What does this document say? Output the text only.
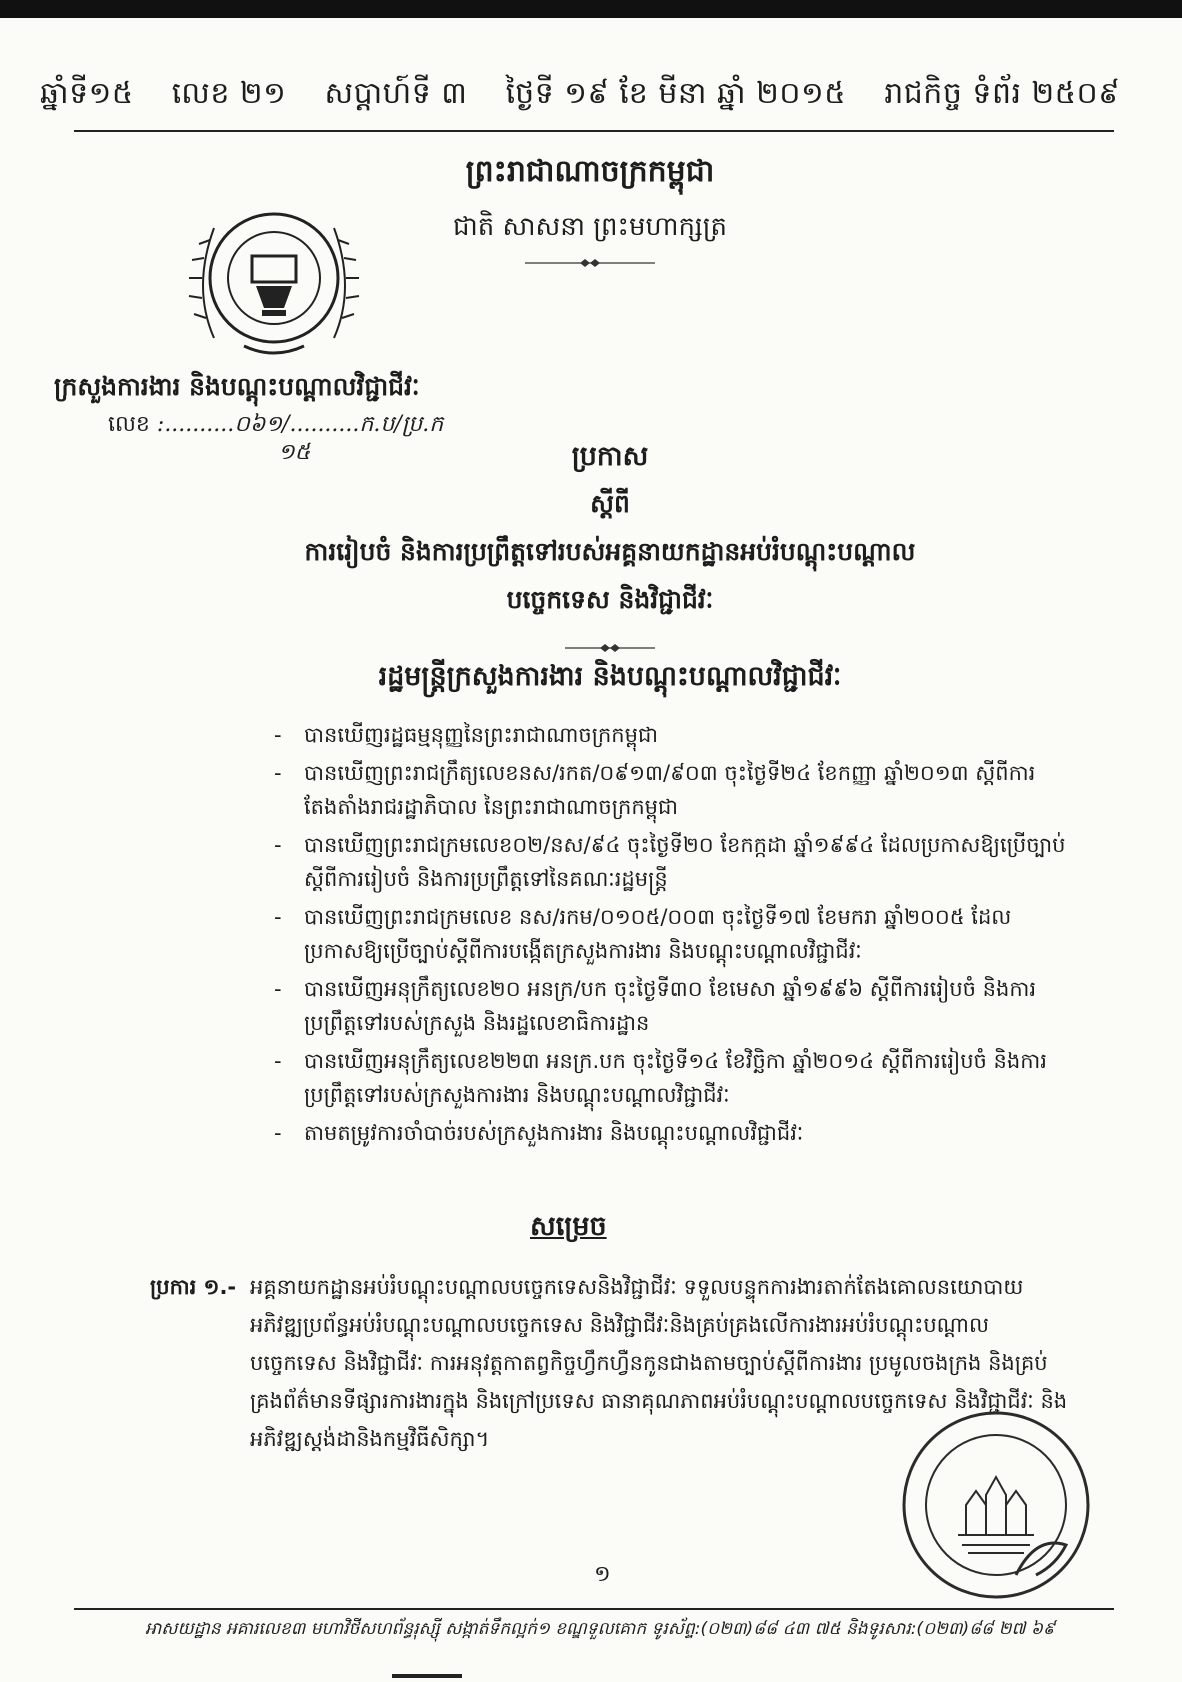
ឆ្នាំទី១៥ លេខ ២១ សប្តាហ៍ទី ៣ ថ្ងៃទី ១៩ ខែ មីនា ឆ្នាំ ២០១៥ រាជកិច្ច ទំព័រ ២៥០៩
ព្រះរាជាណាចក្រកម្ពុជា
ជាតិ សាសនា ព្រះមហាក្សត្រ
ក្រសួងការងារ និងបណ្តុះបណ្តាលវិជ្ជាជីវៈ
លេខ :..........០៦១/..........ក.ប/ប្រ.ក
១៥	ប្រកាស
ស្តីពី
ការរៀបចំ និងការប្រព្រឹត្តទៅរបស់អគ្គនាយកដ្ឋានអប់រំបណ្តុះបណ្តាល
បច្ចេកទេស និងវិជ្ជាជីវៈ
រដ្ឋមន្ត្រីក្រសួងការងារ និងបណ្តុះបណ្តាលវិជ្ជាជីវៈ
- បានឃើញរដ្ឋធម្មនុញ្ញនៃព្រះរាជាណាចក្រកម្ពុជា
- បានឃើញព្រះរាជក្រឹត្យលេខនស/រកត/០៩១៣/៩០៣ ចុះថ្ងៃទី២៤ ខែកញ្ញា ឆ្នាំ២០១៣ ស្តីពីការតែងតាំងរាជរដ្ឋាភិបាល នៃព្រះរាជាណាចក្រកម្ពុជា
- បានឃើញព្រះរាជក្រមលេខ០២/នស/៩៤ ចុះថ្ងៃទី២០ ខែកក្កដា ឆ្នាំ១៩៩៤ ដែលប្រកាសឱ្យប្រើច្បាប់ស្តីពីការរៀបចំ និងការប្រព្រឹត្តទៅនៃគណៈរដ្ឋមន្ត្រី
- បានឃើញព្រះរាជក្រមលេខ នស/រកម/០១០៥/០០៣ ចុះថ្ងៃទី១៧ ខែមករា ឆ្នាំ២០០៥ ដែលប្រកាសឱ្យប្រើច្បាប់ស្តីពីការបង្កើតក្រសួងការងារ និងបណ្តុះបណ្តាលវិជ្ជាជីវៈ
- បានឃើញអនុក្រឹត្យលេខ២០ អនក្រ/បក ចុះថ្ងៃទី៣០ ខែមេសា ឆ្នាំ១៩៩៦ ស្តីពីការរៀបចំ និងការប្រព្រឹត្តទៅរបស់ក្រសួង និងរដ្ឋលេខាធិការដ្ឋាន
- បានឃើញអនុក្រឹត្យលេខ២២៣ អនក្រ.បក ចុះថ្ងៃទី១៤ ខែវិច្ឆិកា ឆ្នាំ២០១៤ ស្តីពីការរៀបចំ និងការប្រព្រឹត្តទៅរបស់ក្រសួងការងារ និងបណ្តុះបណ្តាលវិជ្ជាជីវៈ
- តាមតម្រូវការចាំបាច់របស់ក្រសួងការងារ និងបណ្តុះបណ្តាលវិជ្ជាជីវៈ
សម្រេច
ប្រការ ១.- អគ្គនាយកដ្ឋានអប់រំបណ្តុះបណ្តាលបច្ចេកទេសនិងវិជ្ជាជីវៈ ទទួលបន្ទុកការងារតាក់តែងគោលនយោបាយអភិវឌ្ឍប្រព័ន្ធអប់រំបណ្តុះបណ្តាលបច្ចេកទេស និងវិជ្ជាជីវៈនិងគ្រប់គ្រងលើការងារអប់រំបណ្តុះបណ្តាលបច្ចេកទេស និងវិជ្ជាជីវៈ ការអនុវត្តកាតព្វកិច្ចហ្វឹកហ្វឺនកូនជាងតាមច្បាប់ស្តីពីការងារ ប្រមូលចងក្រង និងគ្រប់គ្រងព័ត៌មានទីផ្សារការងារក្នុង និងក្រៅប្រទេស ធានាគុណភាពអប់រំបណ្តុះបណ្តាលបច្ចេកទេស និងវិជ្ជាជីវៈ និងអភិវឌ្ឍស្តង់ដានិងកម្មវិធីសិក្សា។
១
អាសយដ្ឋាន អគារលេខ៣ មហាវិថីសហព័ន្ធរុស្ស៊ី សង្កាត់ទឹកល្អក់១ ខណ្ឌទួលគោក ទូរស័ព្ទ:(០២៣)៨៨ ៤៣ ៧៥ និងទូរសារ:(០២៣)៨៨ ២៧ ៦៩
